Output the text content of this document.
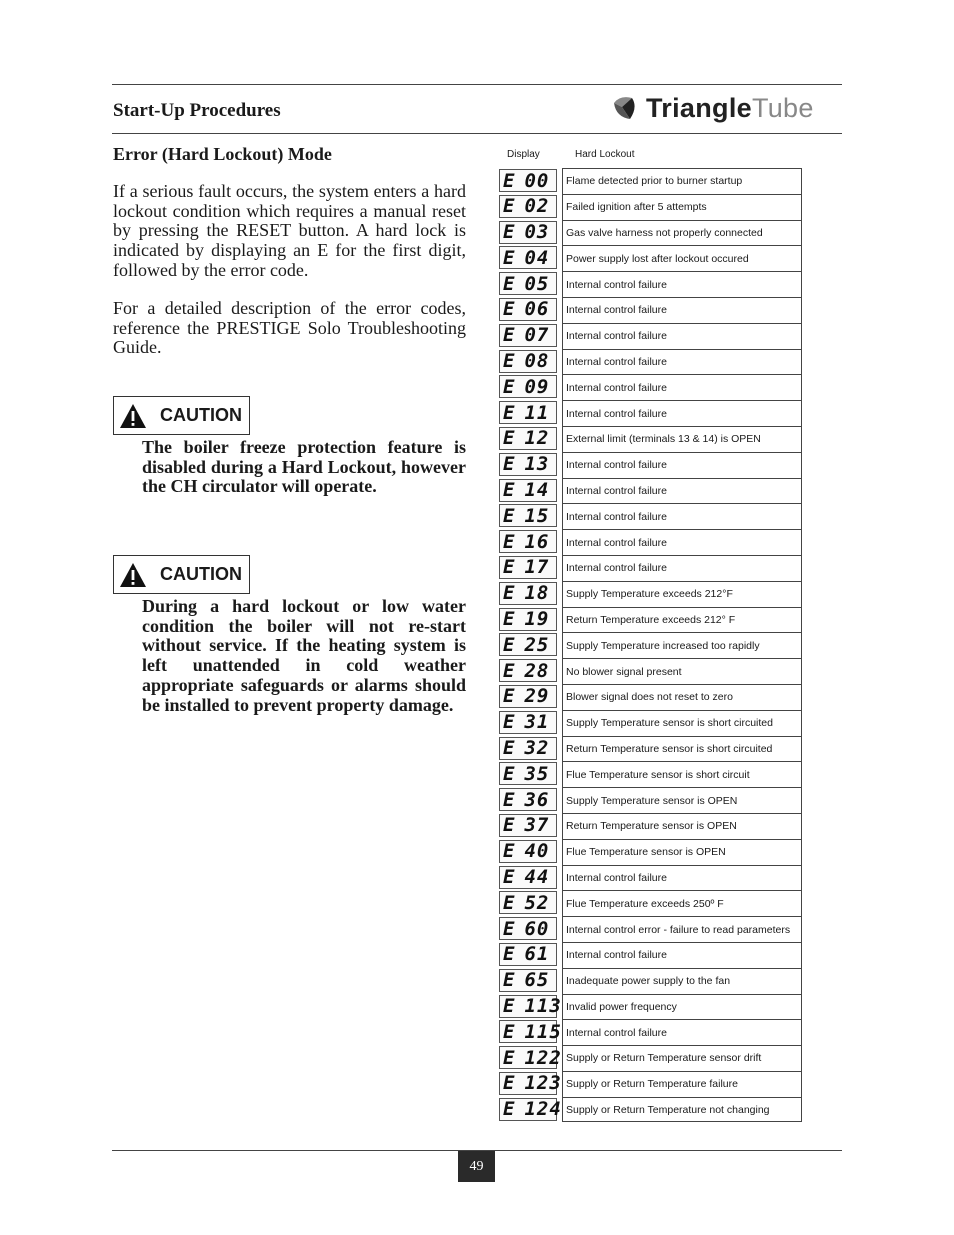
Start-Up Procedures	TriangleTube
Error (Hard Lockout) Mode
If a serious fault occurs, the system enters a hard lockout condition which requires a manual reset by pressing the RESET button. A hard lock is indicated by displaying an E for the first digit, followed by the error code.
For a detailed description of the error codes, reference the PRESTIGE Solo Troubleshooting Guide.
CAUTION
The boiler freeze protection feature is disabled during a Hard Lockout, however the CH circulator will operate.
CAUTION
During a hard lockout or low water condition the boiler will not re-start without service. If the heating system is left unattended in cold weather appropriate safeguards or alarms should be installed to prevent property damage.
Display	Hard Lockout
E 00	Flame detected prior to burner startup
E 02	Failed ignition after 5 attempts
E 03	Gas valve harness not properly connected
E 04	Power supply lost after lockout occured
E 05	Internal control failure
E 06	Internal control failure
E 07	Internal control failure
E 08	Internal control failure
E 09	Internal control failure
E 11	Internal control failure
E 12	External limit (terminals 13 & 14) is OPEN
E 13	Internal control failure
E 14	Internal control failure
E 15	Internal control failure
E 16	Internal control failure
E 17	Internal control failure
E 18	Supply Temperature exceeds 212°F
E 19	Return Temperature exceeds 212° F
E 25	Supply Temperature increased too rapidly
E 28	No blower signal present
E 29	Blower signal does not reset to zero
E 31	Supply Temperature sensor is short circuited
E 32	Return Temperature sensor is short circuited
E 35	Flue Temperature sensor is short circuit
E 36	Supply Temperature sensor is OPEN
E 37	Return Temperature sensor is OPEN
E 40	Flue Temperature sensor is OPEN
E 44	Internal control failure
E 52	Flue Temperature exceeds 250º F
E 60	Internal control error - failure to read parameters
E 61	Internal control failure
E 65	Inadequate power supply to the fan
E 113 Invalid power frequency
E 115 Internal control failure
E 122 Supply or Return Temperature sensor drift
E 123 Supply or Return Temperature failure
E 124 Supply or Return Temperature not changing
49
